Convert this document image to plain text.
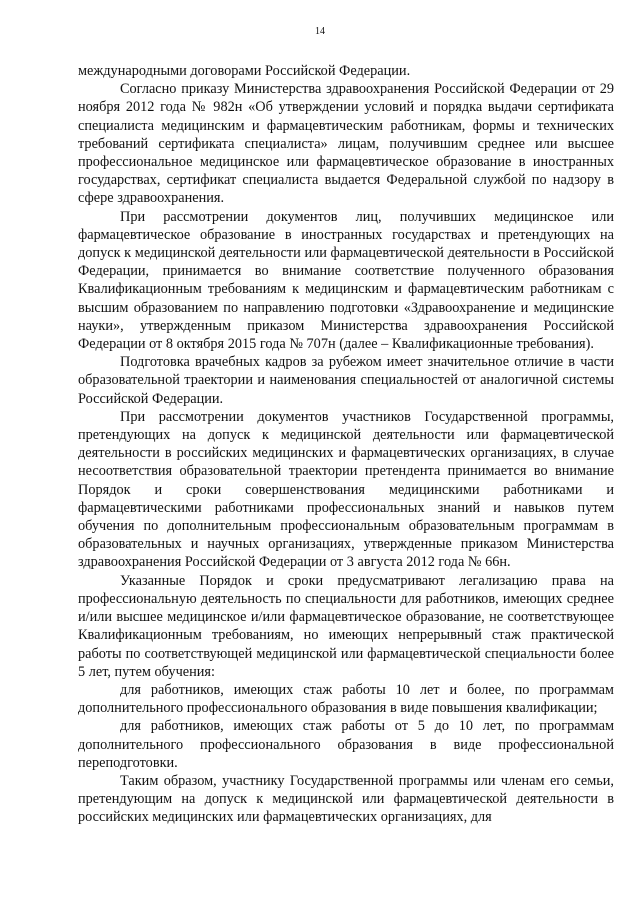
14

международными договорами Российской Федерации.

Согласно приказу Министерства здравоохранения Российской Федерации от 29 ноября 2012 года № 982н «Об утверждении условий и порядка выдачи сертификата специалиста медицинским и фармацевтическим работникам, формы и технических требований сертификата специалиста» лицам, получившим среднее или высшее профессиональное медицинское или фармацевтическое образование в иностранных государствах, сертификат специалиста выдается Федеральной службой по надзору в сфере здравоохранения.

При рассмотрении документов лиц, получивших медицинское или фармацевтическое образование в иностранных государствах и претендующих на допуск к медицинской деятельности или фармацевтической деятельности в Российской Федерации, принимается во внимание соответствие полученного образования Квалификационным требованиям к медицинским и фармацевтическим работникам с высшим образованием по направлению подготовки «Здравоохранение и медицинские науки», утвержденным приказом Министерства здравоохранения Российской Федерации от 8 октября 2015 года № 707н (далее – Квалификационные требования).

Подготовка врачебных кадров за рубежом имеет значительное отличие в части образовательной траектории и наименования специальностей от аналогичной системы Российской Федерации.

При рассмотрении документов участников Государственной программы, претендующих на допуск к медицинской деятельности или фармацевтической деятельности в российских медицинских и фармацевтических организациях, в случае несоответствия образовательной траектории претендента принимается во внимание Порядок и сроки совершенствования медицинскими работниками и фармацевтическими работниками профессиональных знаний и навыков путем обучения по дополнительным профессиональным образовательным программам в образовательных и научных организациях, утвержденные приказом Министерства здравоохранения Российской Федерации от 3 августа 2012 года № 66н.

Указанные Порядок и сроки предусматривают легализацию права на профессиональную деятельность по специальности для работников, имеющих среднее и/или высшее медицинское и/или фармацевтическое образование, не соответствующее Квалификационным требованиям, но имеющих непрерывный стаж практической работы по соответствующей медицинской или фармацевтической специальности более 5 лет, путем обучения:

для работников, имеющих стаж работы 10 лет и более, по программам дополнительного профессионального образования в виде повышения квалификации;

для работников, имеющих стаж работы от 5 до 10 лет, по программам дополнительного профессионального образования в виде профессиональной переподготовки.

Таким образом, участнику Государственной программы или членам его семьи, претендующим на допуск к медицинской или фармацевтической деятельности в российских медицинских или фармацевтических организациях, для
